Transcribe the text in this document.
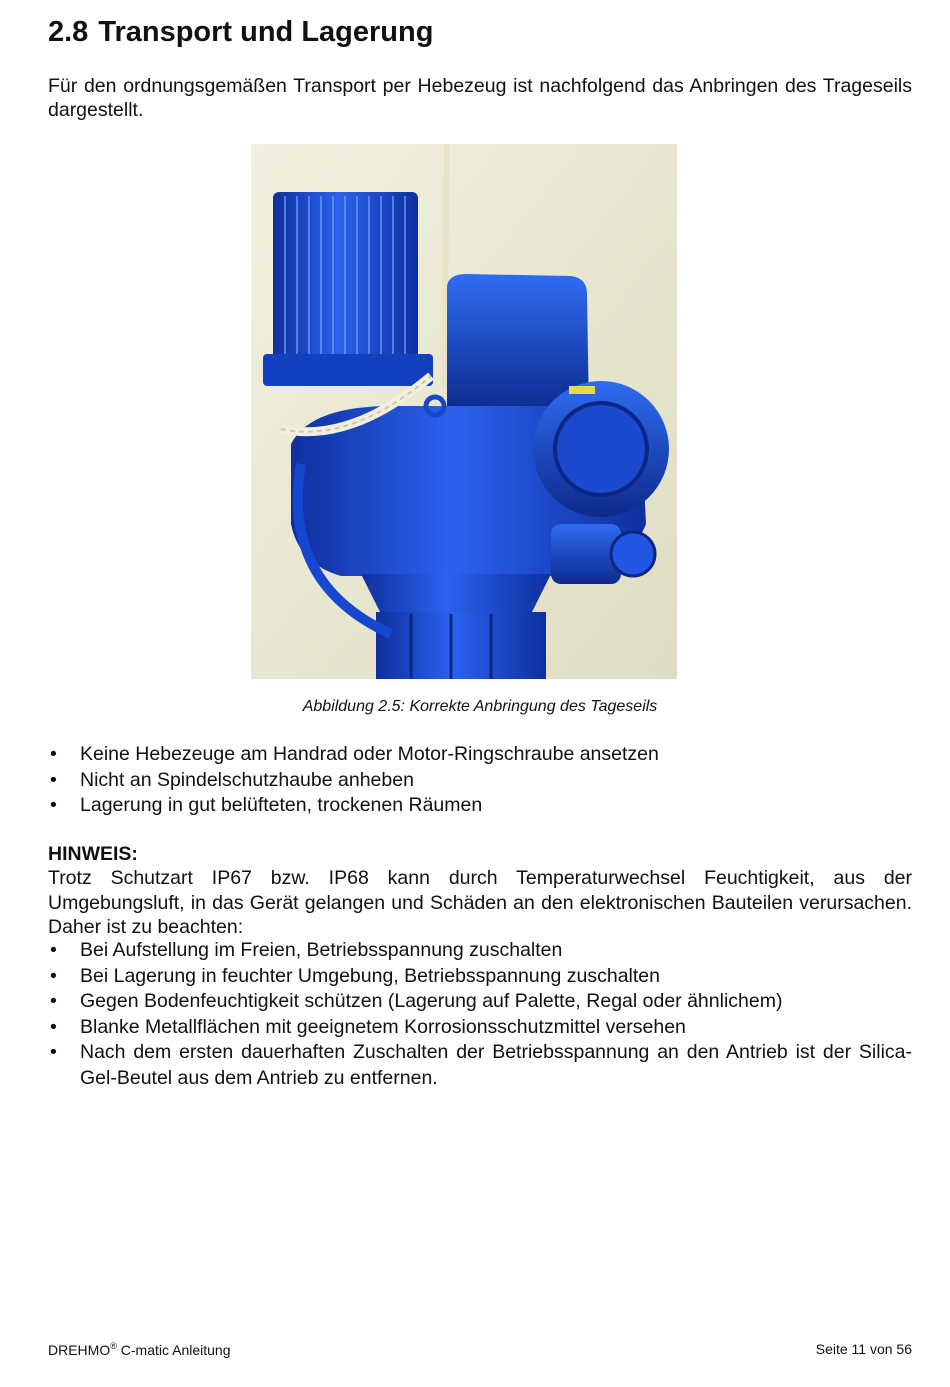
2.8 Transport und Lagerung

Für den ordnungsgemäßen Transport per Hebezeug ist nachfolgend das Anbringen des Trageseils dargestellt.

Abbildung 2.5: Korrekte Anbringung des Tageseils
• Keine Hebezeuge am Handrad oder Motor-Ringschraube ansetzen
• Nicht an Spindelschutzhaube anheben
• Lagerung in gut belüfteten, trockenen Räumen

HINWEIS:

Trotz Schutzart IP67 bzw. IP68 kann durch Temperaturwechsel Feuchtigkeit, aus der Umgebungsluft, in das Gerät gelangen und Schäden an den elektronischen Bauteilen verursachen. Daher ist zu beachten:

• Bei Aufstellung im Freien, Betriebsspannung zuschalten
• Bei Lagerung in feuchter Umgebung, Betriebsspannung zuschalten
• Gegen Bodenfeuchtigkeit schützen (Lagerung auf Palette, Regal oder ähnlichem)
• Blanke Metallflächen mit geeignetem Korrosionsschutzmittel versehen
• Nach dem ersten dauerhaften Zuschalten der Betriebsspannung an den Antrieb ist der Silica-Gel-Beutel aus dem Antrieb zu entfernen.
DREHMO® C-matic Anleitung	Seite 11 von 56
